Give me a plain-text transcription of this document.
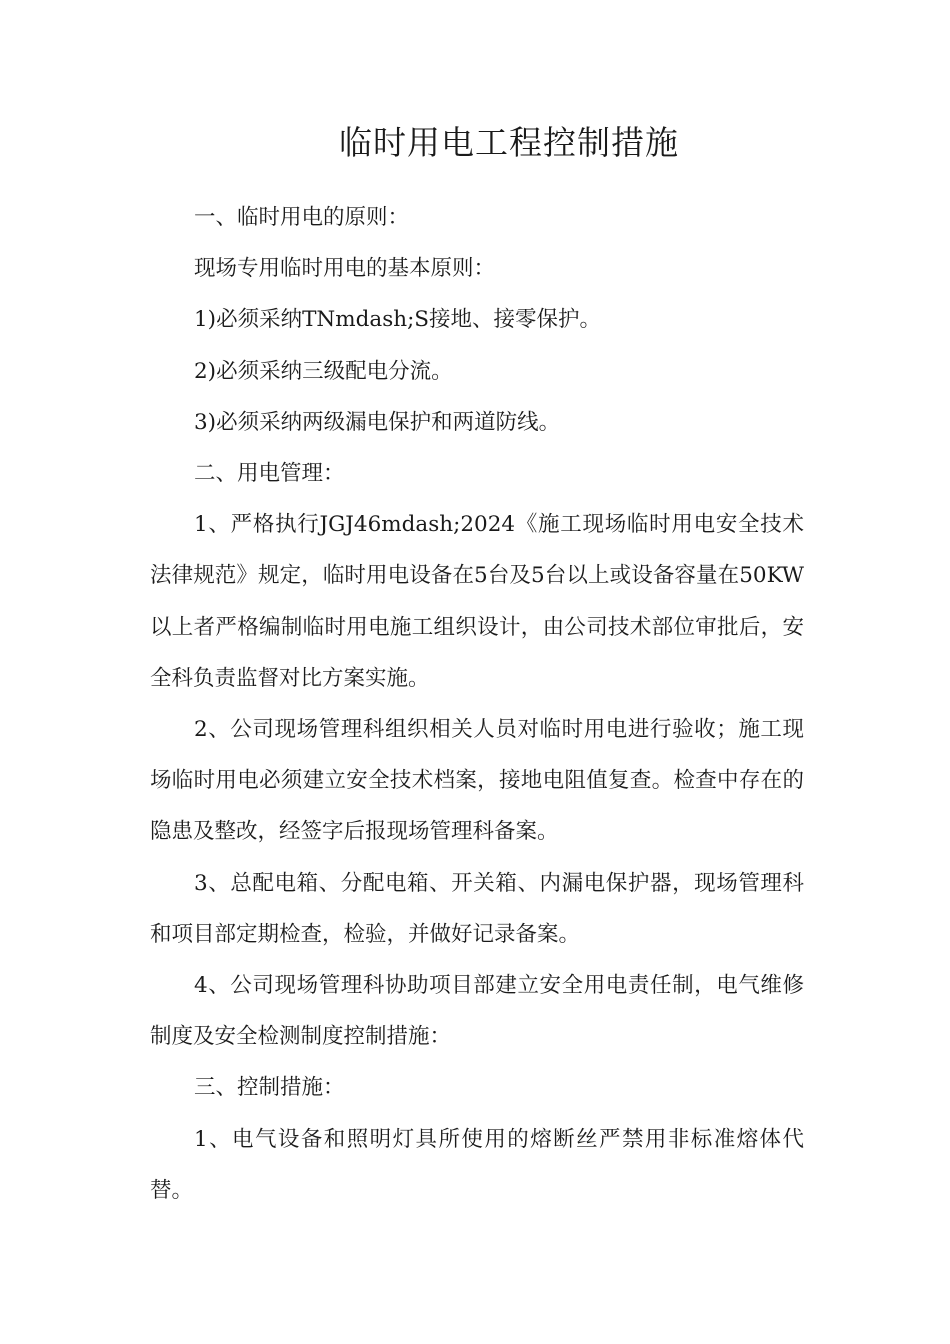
临时用电工程控制措施

一、临时用电的原则：

现场专用临时用电的基本原则：

1)必须采纳TNmdash;S接地、接零保护。

2)必须采纳三级配电分流。

3)必须采纳两级漏电保护和两道防线。

二、用电管理：

1、严格执行JGJ46mdash;2024《施工现场临时用电安全技术法律规范》规定，临时用电设备在5台及5台以上或设备容量在50KW以上者严格编制临时用电施工组织设计，由公司技术部位审批后，安全科负责监督对比方案实施。

2、公司现场管理科组织相关人员对临时用电进行验收；施工现场临时用电必须建立安全技术档案，接地电阻值复查。检查中存在的隐患及整改，经签字后报现场管理科备案。

3、总配电箱、分配电箱、开关箱、内漏电保护器，现场管理科和项目部定期检查，检验，并做好记录备案。

4、公司现场管理科协助项目部建立安全用电责任制，电气维修制度及安全检测制度控制措施：

三、控制措施：

1、电气设备和照明灯具所使用的熔断丝严禁用非标准熔体代替。
